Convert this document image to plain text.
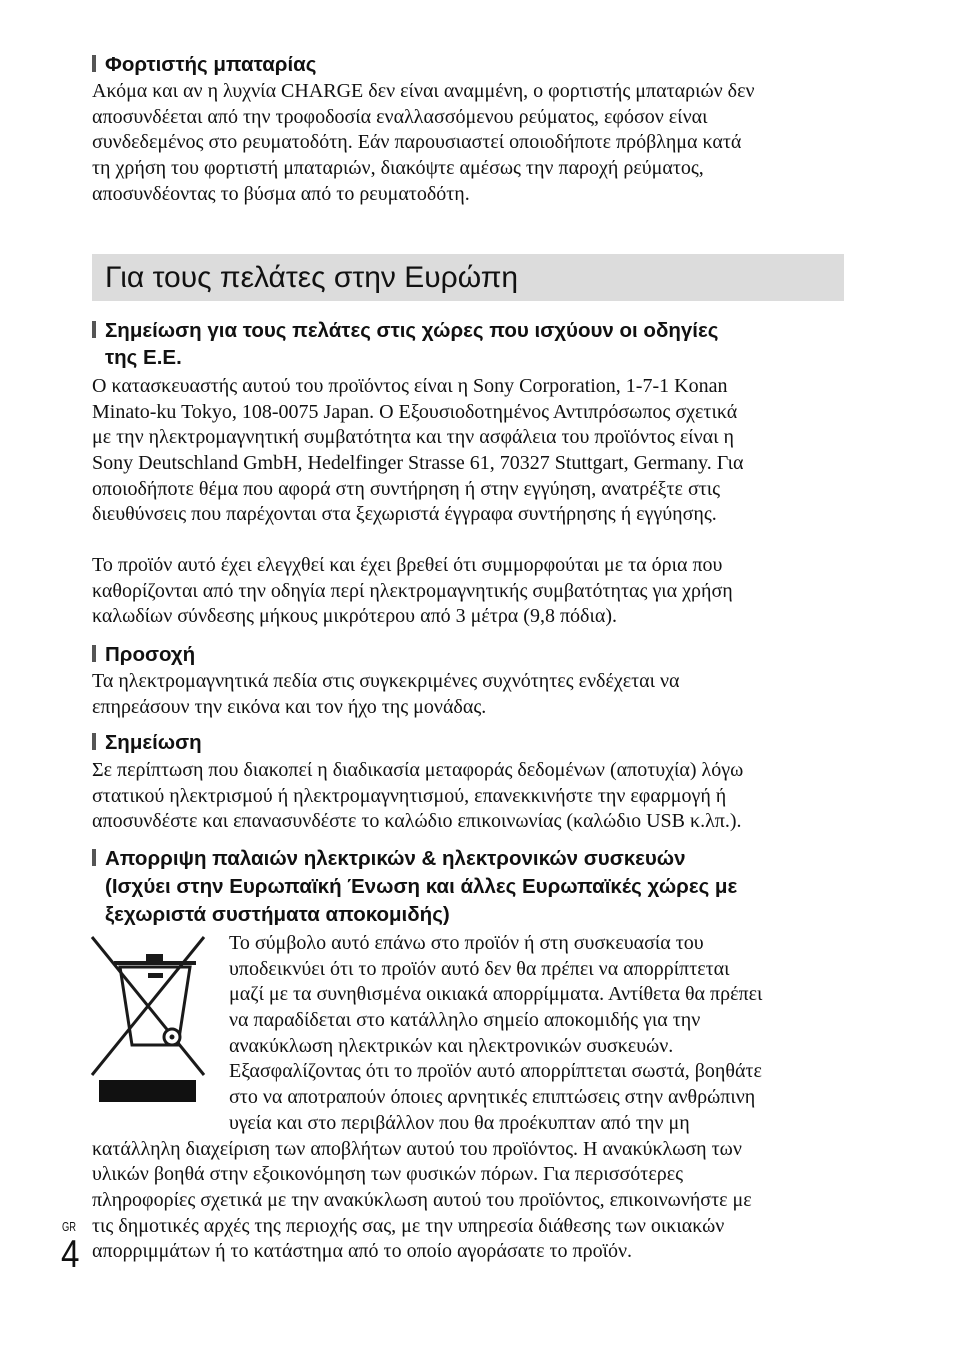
Φορτιστής μπαταρίας
Ακόμα και αν η λυχνία CHARGE δεν είναι αναμμένη, ο φορτιστής μπαταριών δεν
αποσυνδέεται από την τροφοδοσία εναλλασσόμενου ρεύματος, εφόσον είναι
συνδεδεμένος στο ρευματοδότη. Εάν παρουσιαστεί οποιοδήποτε πρόβλημα κατά
τη χρήση του φορτιστή μπαταριών, διακόψτε αμέσως την παροχή ρεύματος,
αποσυνδέοντας το βύσμα από το ρευματοδότη.
Για τους πελάτες στην Ευρώπη
Σημείωση για τους πελάτες στις χώρες που ισχύουν οι οδηγίες
της Ε.Ε.
Ο κατασκευαστής αυτού του προϊόντος είναι η Sony Corporation, 1-7-1 Konan
Minato-ku Tokyo, 108-0075 Japan. Ο Εξουσιοδοτημένος Αντιπρόσωπος σχετικά
με την ηλεκτρομαγνητική συμβατότητα και την ασφάλεια του προϊόντος είναι η
Sony Deutschland GmbH, Hedelfinger Strasse 61, 70327 Stuttgart, Germany. Για
οποιοδήποτε θέμα που αφορά στη συντήρηση ή στην εγγύηση, ανατρέξτε στις
διευθύνσεις που παρέχονται στα ξεχωριστά έγγραφα συντήρησης ή εγγύησης.
Το προϊόν αυτό έχει ελεγχθεί και έχει βρεθεί ότι συμμορφούται με τα όρια που
καθορίζονται από την οδηγία περί ηλεκτρομαγνητικής συμβατότητας για χρήση
καλωδίων σύνδεσης μήκους μικρότερου από 3 μέτρα (9,8 πόδια).
Προσοχή
Τα ηλεκτρομαγνητικά πεδία στις συγκεκριμένες συχνότητες ενδέχεται να
επηρεάσουν την εικόνα και τον ήχο της μονάδας.
Σημείωση
Σε περίπτωση που διακοπεί η διαδικασία μεταφοράς δεδομένων (αποτυχία) λόγω
στατικού ηλεκτρισμού ή ηλεκτρομαγνητισμού, επανεκκινήστε την εφαρμογή ή
αποσυνδέστε και επανασυνδέστε το καλώδιο επικοινωνίας (καλώδιο USB κ.λπ.).
Απορριψη παλαιών ηλεκτρικών & ηλεκτρονικών συσκευών
(Ισχύει στην Ευρωπαϊκή Ένωση και άλλες Ευρωπαϊκές χώρες με
ξεχωριστά συστήματα αποκομιδής)
Το σύμβολο αυτό επάνω στο προϊόν ή στη συσκευασία του
υποδεικνύει ότι το προϊόν αυτό δεν θα πρέπει να απορρίπτεται
μαζί με τα συνηθισμένα οικιακά απορρίμματα. Αντίθετα θα πρέπει
να παραδίδεται στο κατάλληλο σημείο αποκομιδής για την
ανακύκλωση ηλεκτρικών και ηλεκτρονικών συσκευών.
Εξασφαλίζοντας ότι το προϊόν αυτό απορρίπτεται σωστά, βοηθάτε
στο να αποτραπούν όποιες αρνητικές επιπτώσεις στην ανθρώπινη
υγεία και στο περιβάλλον που θα προέκυπταν από την μη
κατάλληλη διαχείριση των αποβλήτων αυτού του προϊόντος. Η ανακύκλωση των
υλικών βοηθά στην εξοικονόμηση των φυσικών πόρων. Για περισσότερες
πληροφορίες σχετικά με την ανακύκλωση αυτού του προϊόντος, επικοινωνήστε με
τις δημοτικές αρχές της περιοχής σας, με την υπηρεσία διάθεσης των οικιακών
απορριμμάτων ή το κατάστημα από το οποίο αγοράσατε το προϊόν.
GR
4
